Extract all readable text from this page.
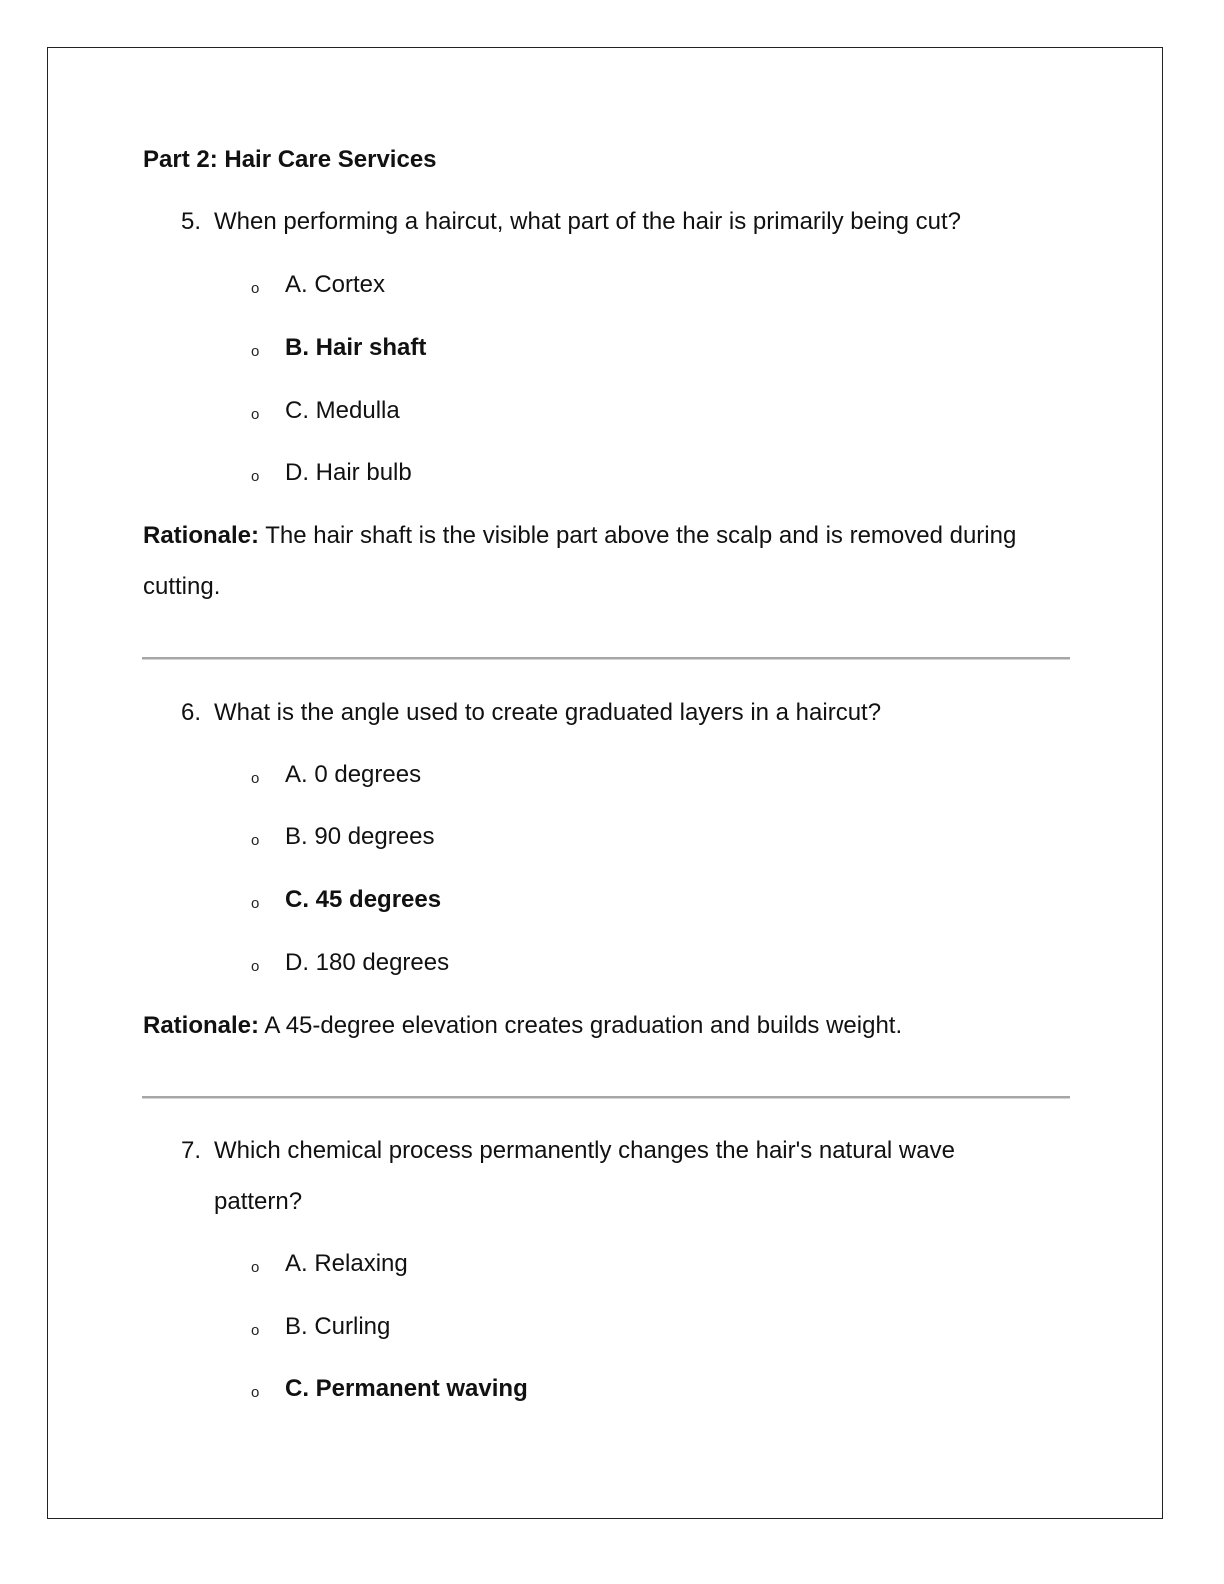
Part 2: Hair Care Services
5. When performing a haircut, what part of the hair is primarily being cut?
o A. Cortex
o B. Hair shaft
o C. Medulla
o D. Hair bulb
Rationale: The hair shaft is the visible part above the scalp and is removed during
cutting.
6. What is the angle used to create graduated layers in a haircut?
o A. 0 degrees
o B. 90 degrees
o C. 45 degrees
o D. 180 degrees
Rationale: A 45-degree elevation creates graduation and builds weight.
7. Which chemical process permanently changes the hair's natural wave
pattern?
o A. Relaxing
o B. Curling
o C. Permanent waving
